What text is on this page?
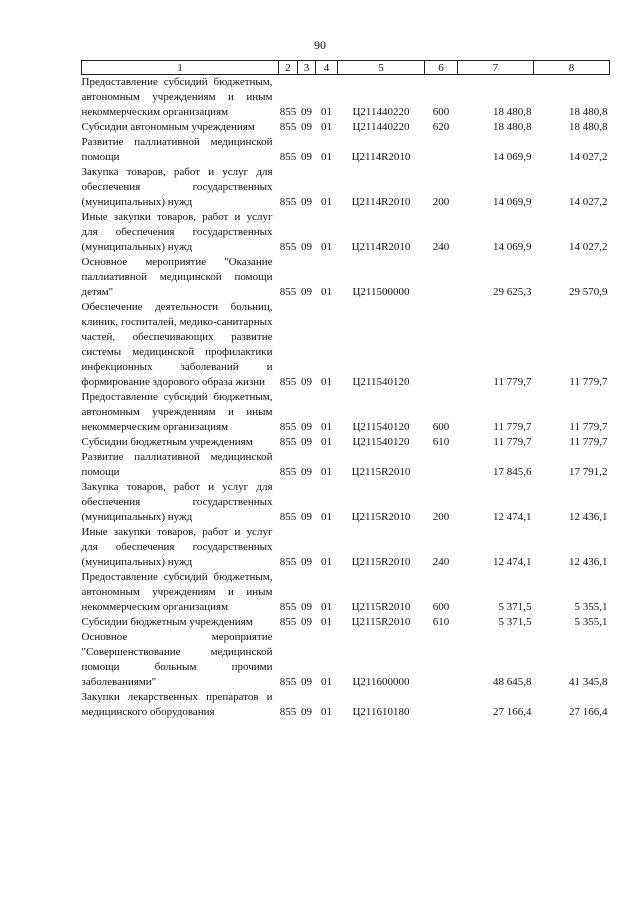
90
1	2	3	4	5	6	7	8
Предоставление субсидий бюджетным, автономным учреждениям и иным некоммерческим организациям	855	09	01	Ц211440220	600	18 480,8	18 480,8
Субсидии автономным учреждениям	855	09	01	Ц211440220	620	18 480,8	18 480,8
Развитие паллиативной медицинской помощи	855	09	01	Ц2114R2010		14 069,9	14 027,2
Закупка товаров, работ и услуг для обеспечения государственных (муниципальных) нужд	855	09	01	Ц2114R2010	200	14 069,9	14 027,2
Иные закупки товаров, работ и услуг для обеспечения государственных (муниципальных) нужд	855	09	01	Ц2114R2010	240	14 069,9	14 027,2
Основное мероприятие "Оказание паллиативной медицинской помощи детям"	855	09	01	Ц211500000		29 625,3	29 570,9
Обеспечение деятельности больниц, клиник, госпиталей, медико-санитарных частей, обеспечивающих развитие системы медицинской профилактики инфекционных заболеваний и формирование здорового образа жизни	855	09	01	Ц211540120		11 779,7	11 779,7
Предоставление субсидий бюджетным, автономным учреждениям и иным некоммерческим организациям	855	09	01	Ц211540120	600	11 779,7	11 779,7
Субсидии бюджетным учреждениям	855	09	01	Ц211540120	610	11 779,7	11 779,7
Развитие паллиативной медицинской помощи	855	09	01	Ц2115R2010		17 845,6	17 791,2
Закупка товаров, работ и услуг для обеспечения государственных (муниципальных) нужд	855	09	01	Ц2115R2010	200	12 474,1	12 436,1
Иные закупки товаров, работ и услуг для обеспечения государственных (муниципальных) нужд	855	09	01	Ц2115R2010	240	12 474,1	12 436,1
Предоставление субсидий бюджетным, автономным учреждениям и иным некоммерческим организациям	855	09	01	Ц2115R2010	600	5 371,5	5 355,1
Субсидии бюджетным учреждениям	855	09	01	Ц2115R2010	610	5 371,5	5 355,1
Основное мероприятие "Совершенствование медицинской помощи больным прочими заболеваниями"	855	09	01	Ц211600000		48 645,8	41 345,8
Закупки лекарственных препаратов и медицинского оборудования	855	09	01	Ц211610180		27 166,4	27 166,4
